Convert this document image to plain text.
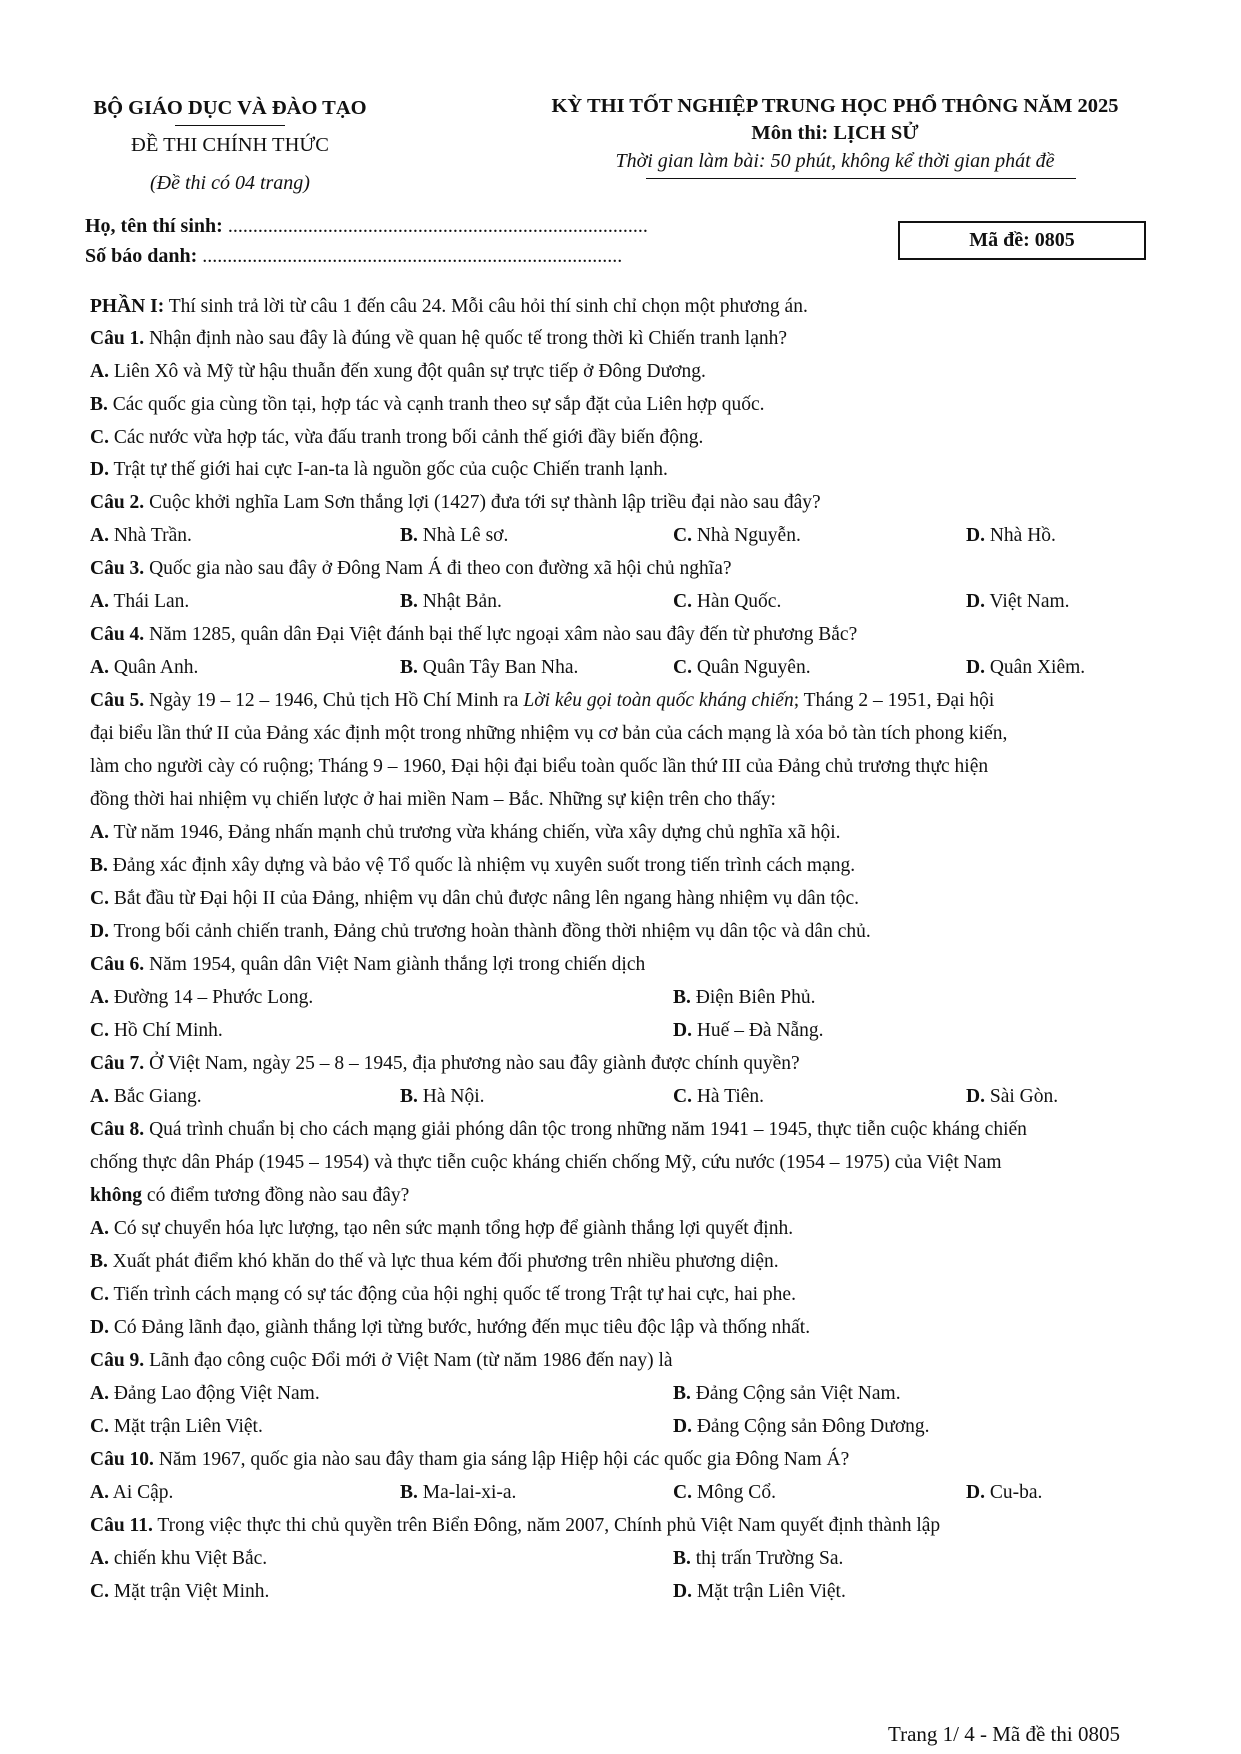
BỘ GIÁO DỤC VÀ ĐÀO TẠO
ĐỀ THI CHÍNH THỨC
(Đề thi có 04 trang)
KỲ THI TỐT NGHIỆP TRUNG HỌC PHỔ THÔNG NĂM 2025
Môn thi: LỊCH SỬ
Thời gian làm bài: 50 phút, không kể thời gian phát đề
Họ, tên thí sinh: ....................................................................................
Số báo danh: ....................................................................................
Mã đề: 0805
PHẦN I: Thí sinh trả lời từ câu 1 đến câu 24. Mỗi câu hỏi thí sinh chỉ chọn một phương án.
Câu 1. Nhận định nào sau đây là đúng về quan hệ quốc tế trong thời kì Chiến tranh lạnh?
A. Liên Xô và Mỹ từ hậu thuẫn đến xung đột quân sự trực tiếp ở Đông Dương.
B. Các quốc gia cùng tồn tại, hợp tác và cạnh tranh theo sự sắp đặt của Liên hợp quốc.
C. Các nước vừa hợp tác, vừa đấu tranh trong bối cảnh thế giới đầy biến động.
D. Trật tự thế giới hai cực I-an-ta là nguồn gốc của cuộc Chiến tranh lạnh.
Câu 2. Cuộc khởi nghĩa Lam Sơn thắng lợi (1427) đưa tới sự thành lập triều đại nào sau đây?
A. Nhà Trần.	B. Nhà Lê sơ.	C. Nhà Nguyễn.	D. Nhà Hồ.
Câu 3. Quốc gia nào sau đây ở Đông Nam Á đi theo con đường xã hội chủ nghĩa?
A. Thái Lan.	B. Nhật Bản.	C. Hàn Quốc.	D. Việt Nam.
Câu 4. Năm 1285, quân dân Đại Việt đánh bại thế lực ngoại xâm nào sau đây đến từ phương Bắc?
A. Quân Anh.	B. Quân Tây Ban Nha.	C. Quân Nguyên.	D. Quân Xiêm.
Câu 5. Ngày 19 – 12 – 1946, Chủ tịch Hồ Chí Minh ra Lời kêu gọi toàn quốc kháng chiến; Tháng 2 – 1951, Đại hội
đại biểu lần thứ II của Đảng xác định một trong những nhiệm vụ cơ bản của cách mạng là xóa bỏ tàn tích phong kiến,
làm cho người cày có ruộng; Tháng 9 – 1960, Đại hội đại biểu toàn quốc lần thứ III của Đảng chủ trương thực hiện
đồng thời hai nhiệm vụ chiến lược ở hai miền Nam – Bắc. Những sự kiện trên cho thấy:
A. Từ năm 1946, Đảng nhấn mạnh chủ trương vừa kháng chiến, vừa xây dựng chủ nghĩa xã hội.
B. Đảng xác định xây dựng và bảo vệ Tổ quốc là nhiệm vụ xuyên suốt trong tiến trình cách mạng.
C. Bắt đầu từ Đại hội II của Đảng, nhiệm vụ dân chủ được nâng lên ngang hàng nhiệm vụ dân tộc.
D. Trong bối cảnh chiến tranh, Đảng chủ trương hoàn thành đồng thời nhiệm vụ dân tộc và dân chủ.
Câu 6. Năm 1954, quân dân Việt Nam giành thắng lợi trong chiến dịch
A. Đường 14 – Phước Long.	B. Điện Biên Phủ.
C. Hồ Chí Minh.	D. Huế – Đà Nẵng.
Câu 7. Ở Việt Nam, ngày 25 – 8 – 1945, địa phương nào sau đây giành được chính quyền?
A. Bắc Giang.	B. Hà Nội.	C. Hà Tiên.	D. Sài Gòn.
Câu 8. Quá trình chuẩn bị cho cách mạng giải phóng dân tộc trong những năm 1941 – 1945, thực tiễn cuộc kháng chiến
chống thực dân Pháp (1945 – 1954) và thực tiễn cuộc kháng chiến chống Mỹ, cứu nước (1954 – 1975) của Việt Nam
không có điểm tương đồng nào sau đây?
A. Có sự chuyển hóa lực lượng, tạo nên sức mạnh tổng hợp để giành thắng lợi quyết định.
B. Xuất phát điểm khó khăn do thế và lực thua kém đối phương trên nhiều phương diện.
C. Tiến trình cách mạng có sự tác động của hội nghị quốc tế trong Trật tự hai cực, hai phe.
D. Có Đảng lãnh đạo, giành thắng lợi từng bước, hướng đến mục tiêu độc lập và thống nhất.
Câu 9. Lãnh đạo công cuộc Đổi mới ở Việt Nam (từ năm 1986 đến nay) là
A. Đảng Lao động Việt Nam.	B. Đảng Cộng sản Việt Nam.
C. Mặt trận Liên Việt.	D. Đảng Cộng sản Đông Dương.
Câu 10. Năm 1967, quốc gia nào sau đây tham gia sáng lập Hiệp hội các quốc gia Đông Nam Á?
A. Ai Cập.	B. Ma-lai-xi-a.	C. Mông Cổ.	D. Cu-ba.
Câu 11. Trong việc thực thi chủ quyền trên Biển Đông, năm 2007, Chính phủ Việt Nam quyết định thành lập
A. chiến khu Việt Bắc.	B. thị trấn Trường Sa.
C. Mặt trận Việt Minh.	D. Mặt trận Liên Việt.
Trang 1/ 4 - Mã đề thi 0805
